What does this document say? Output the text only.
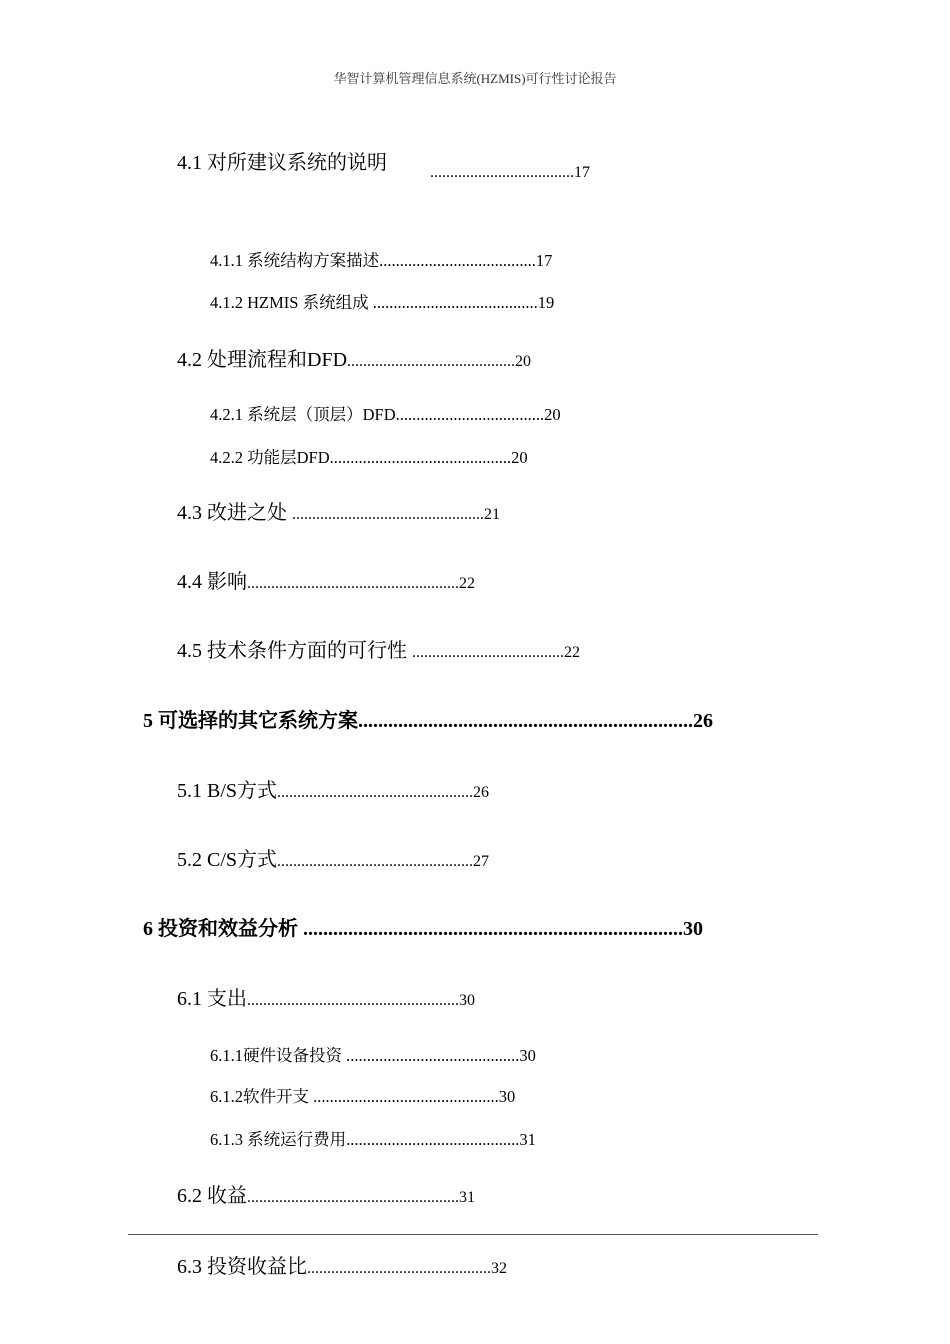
华智计算机管理信息系统(HZMIS)可行性讨论报告
4.1 对所建议系统的说明	....................................17
4.1.1 系统结构方案描述......................................17
4.1.2 HZMIS 系统组成 ........................................19
4.2 处理流程和DFD..........................................20
4.2.1 系统层（顶层）DFD....................................20
4.2.2 功能层DFD............................................20
4.3 改进之处 ................................................21
4.4 影响.....................................................22
4.5 技术条件方面的可行性 ......................................22
5 可选择的其它系统方案...................................................................26
5.1 B/S方式.................................................26
5.2 C/S方式.................................................27
6 投资和效益分析 ............................................................................30
6.1 支出.....................................................30
6.1.1硬件设备投资 ..........................................30
6.1.2软件开支 .............................................30
6.1.3 系统运行费用..........................................31
6.2 收益.....................................................31
6.3 投资收益比..............................................32
